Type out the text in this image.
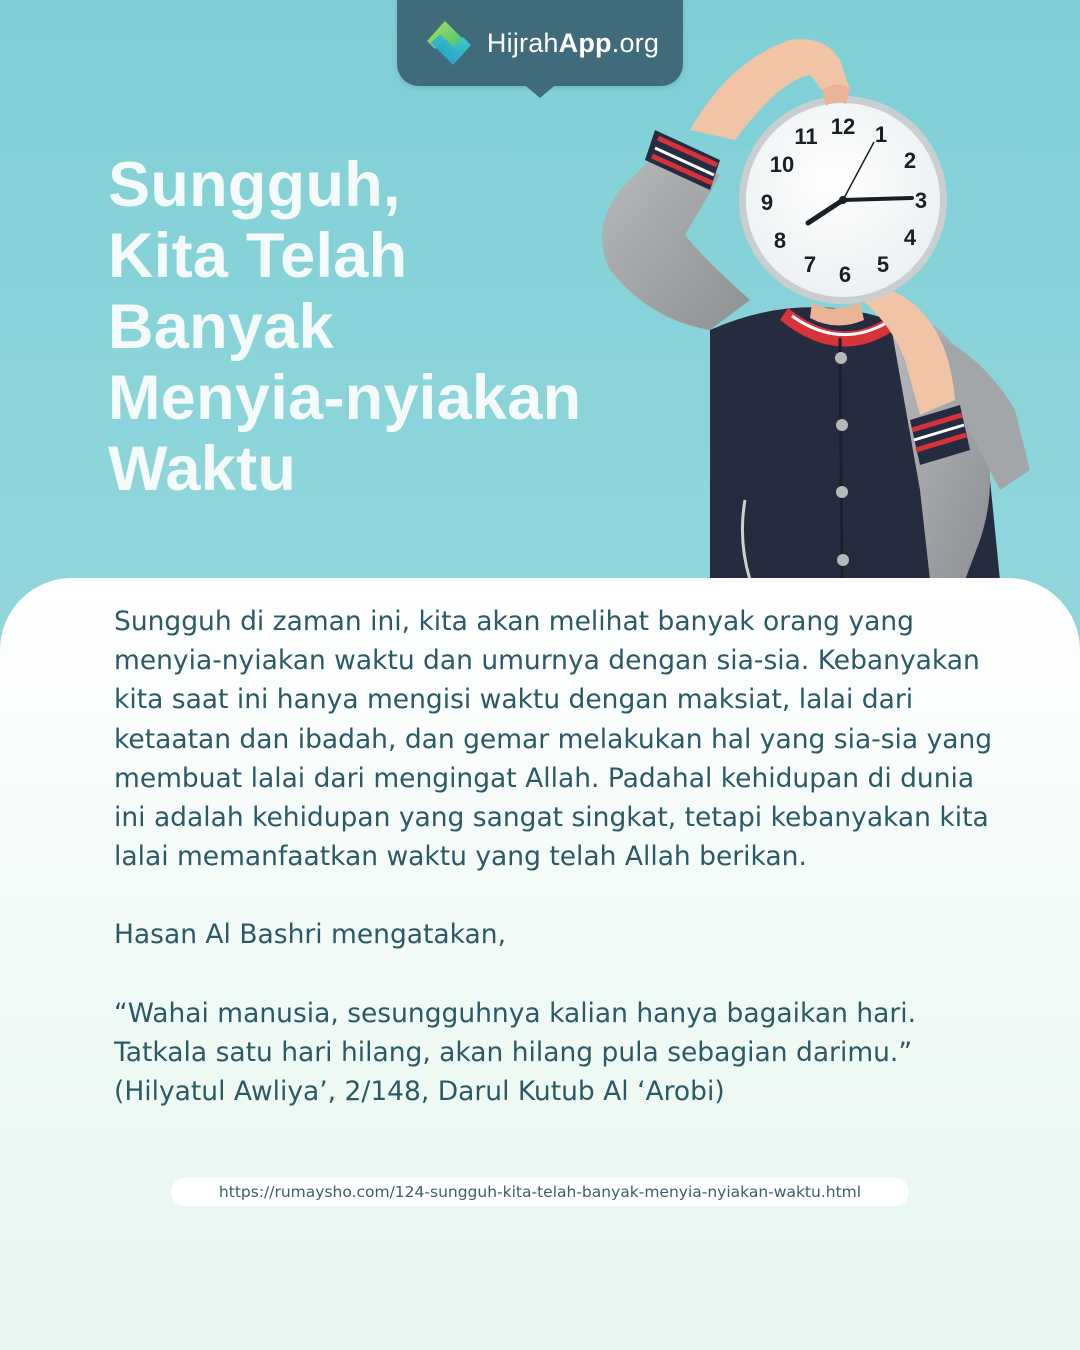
HijrahApp.org
Sungguh,
Kita Telah
Banyak
Menyia-nyiakan
Waktu
12 1
2
3
4
5
6
7
8
9
10
11

Sungguh di zaman ini, kita akan melihat banyak orang yang menyia-nyiakan waktu dan umurnya dengan sia-sia. Kebanyakan kita saat ini hanya mengisi waktu dengan maksiat, lalai dari ketaatan dan ibadah, dan gemar melakukan hal yang sia-sia yang membuat lalai dari mengingat Allah. Padahal kehidupan di dunia ini adalah kehidupan yang sangat singkat, tetapi kebanyakan kita lalai memanfaatkan waktu yang telah Allah berikan.

Hasan Al Bashri mengatakan,

“Wahai manusia, sesungguhnya kalian hanya bagaikan hari. Tatkala satu hari hilang, akan hilang pula sebagian darimu.” (Hilyatul Awliya’, 2/148, Darul Kutub Al ‘Arobi)

https://rumaysho.com/124-sungguh-kita-telah-banyak-menyia-nyiakan-waktu.html
